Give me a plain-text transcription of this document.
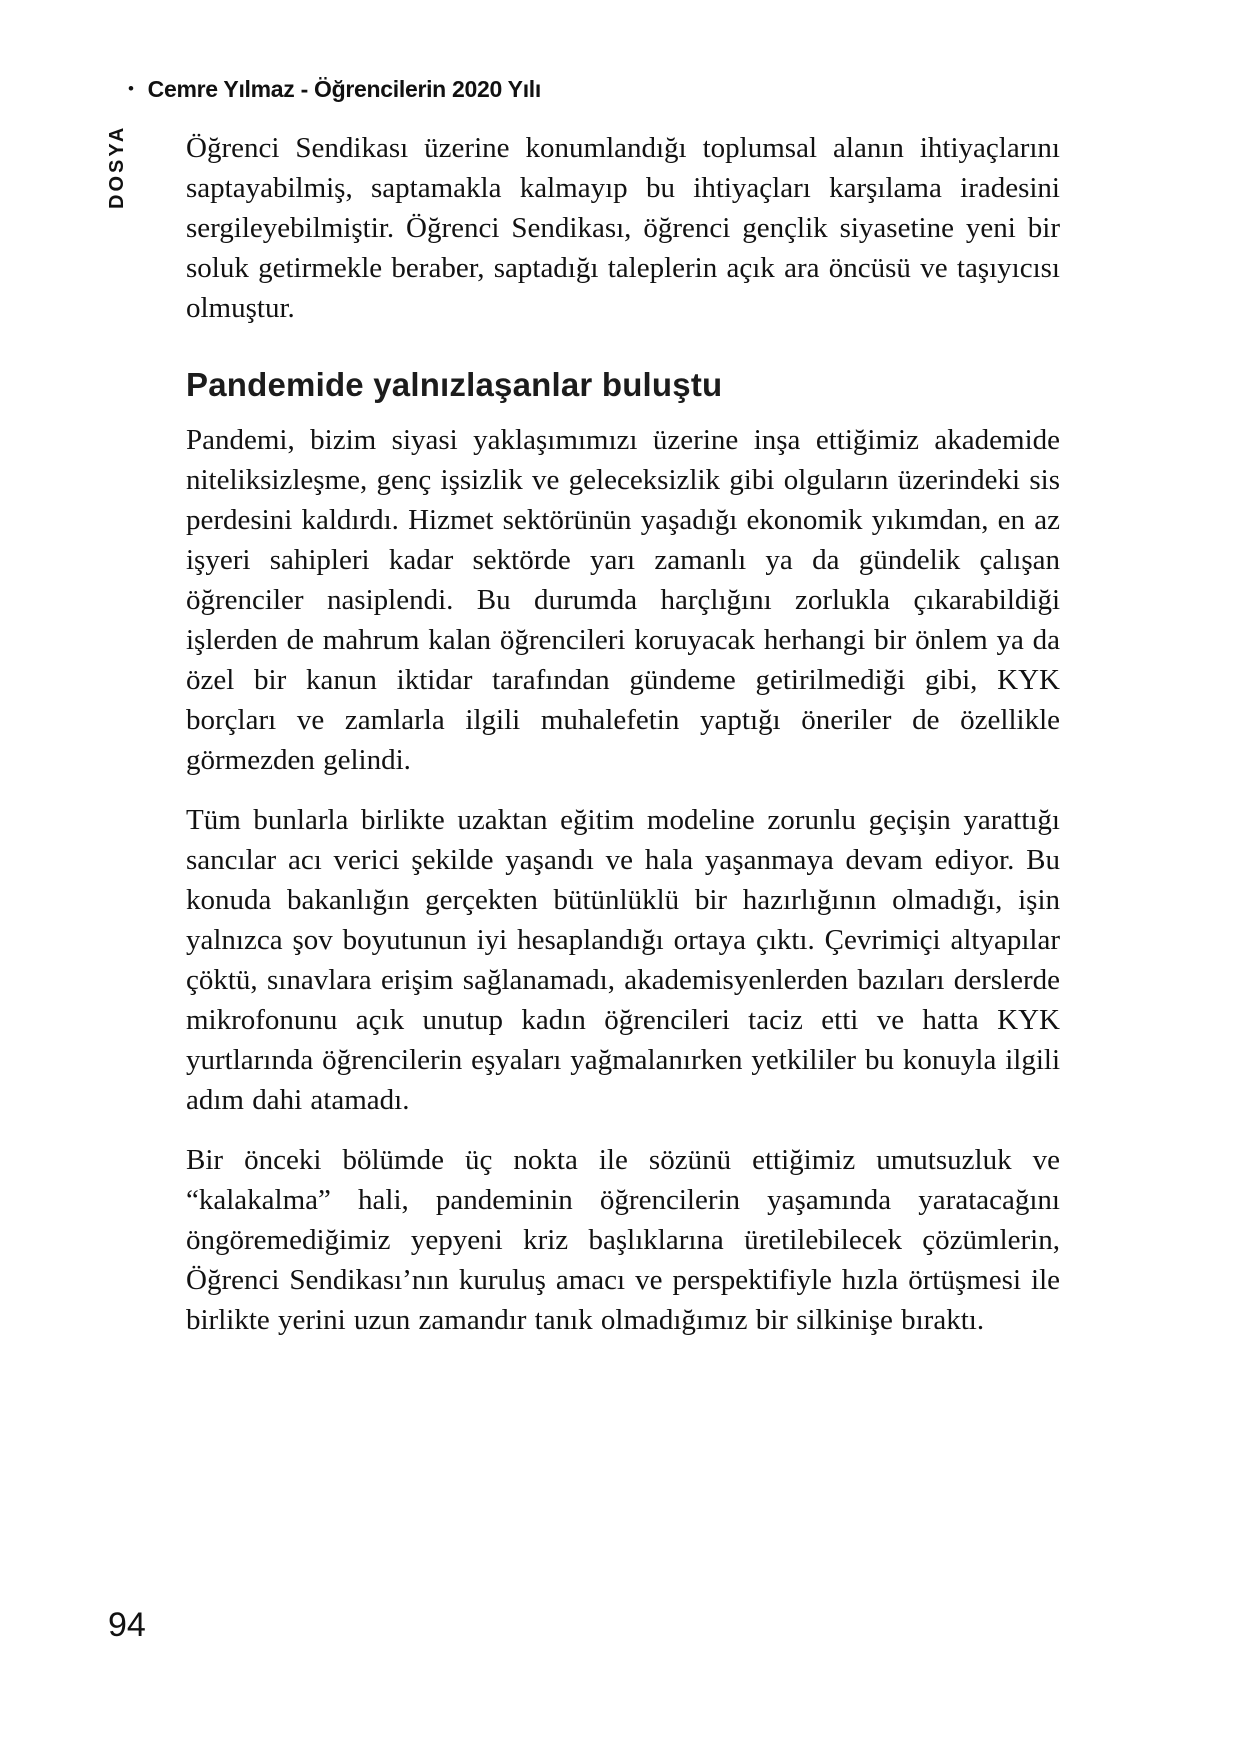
• Cemre Yılmaz - Öğrencilerin 2020 Yılı
DOSYA Öğrenci Sendikası üzerine konumlandığı toplumsal alanın ihtiyaçlarını saptayabilmiş, saptamakla kalmayıp bu ihtiyaçları karşılama iradesini sergileyebilmiştir. Öğrenci Sendikası, öğrenci gençlik siyasetine yeni bir soluk getirmekle beraber, saptadığı taleplerin açık ara öncüsü ve taşıyıcısı olmuştur.

Pandemide yalnızlaşanlar buluştu

Pandemi, bizim siyasi yaklaşımımızı üzerine inşa ettiğimiz akademide niteliksizleşme, genç işsizlik ve geleceksizlik gibi olguların üzerindeki sis perdesini kaldırdı. Hizmet sektörünün yaşadığı ekonomik yıkımdan, en az işyeri sahipleri kadar sektörde yarı zamanlı ya da gündelik çalışan öğrenciler nasiplendi. Bu durumda harçlığını zorlukla çıkarabildiği işlerden de mahrum kalan öğrencileri koruyacak herhangi bir önlem ya da özel bir kanun iktidar tarafından gündeme getirilmediği gibi, KYK borçları ve zamlarla ilgili muhalefetin yaptığı öneriler de özellikle görmezden gelindi.

Tüm bunlarla birlikte uzaktan eğitim modeline zorunlu geçişin yarattığı sancılar acı verici şekilde yaşandı ve hala yaşanmaya devam ediyor. Bu konuda bakanlığın gerçekten bütünlüklü bir hazırlığının olmadığı, işin yalnızca şov boyutunun iyi hesaplandığı ortaya çıktı. Çevrimiçi altyapılar çöktü, sınavlara erişim sağlanamadı, akademisyenlerden bazıları derslerde mikrofonunu açık unutup kadın öğrencileri taciz etti ve hatta KYK yurtlarında öğrencilerin eşyaları yağmalanırken yetkililer bu konuyla ilgili adım dahi atamadı.

Bir önceki bölümde üç nokta ile sözünü ettiğimiz umutsuzluk ve “kalakalma” hali, pandeminin öğrencilerin yaşamında yaratacağını öngöremediğimiz yepyeni kriz başlıklarına üretilebilecek çözümlerin, Öğrenci Sendikası’nın kuruluş amacı ve perspektifiyle hızla örtüşmesi ile birlikte yerini uzun zamandır tanık olmadığımız bir silkinişe bıraktı.

94
